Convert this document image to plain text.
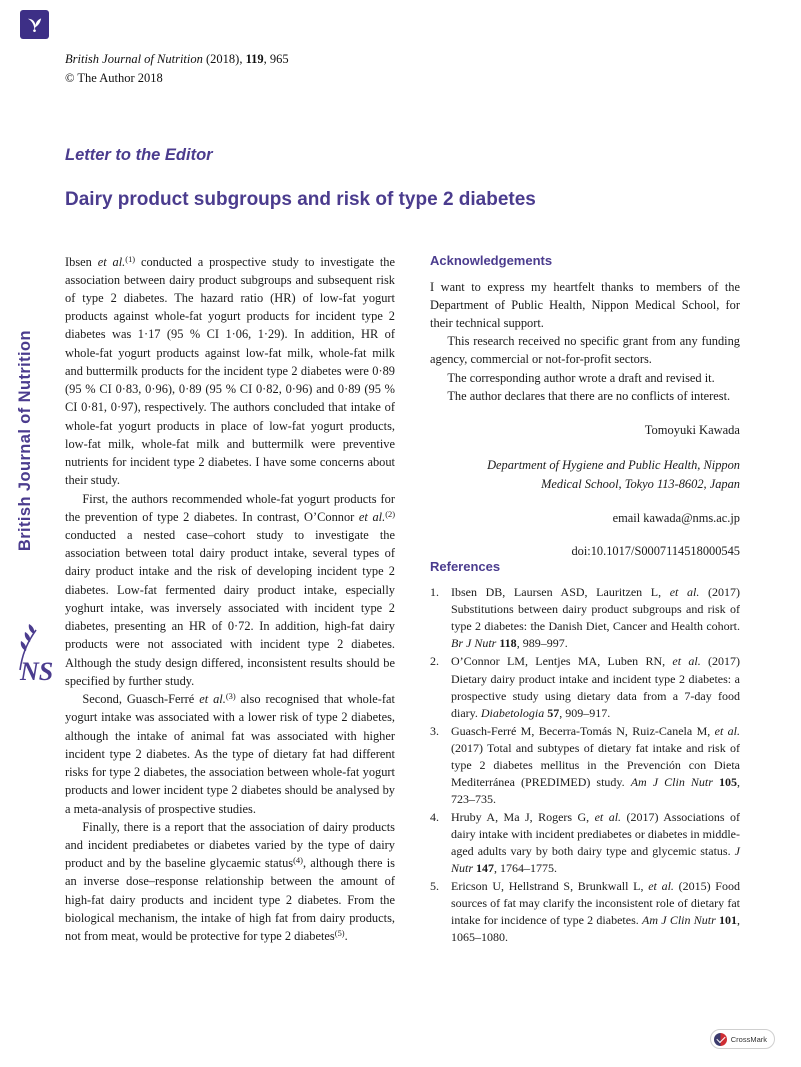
British Journal of Nutrition
NS
British Journal of Nutrition (2018), 119, 965
© The Author 2018
Letter to the Editor
Dairy product subgroups and risk of type 2 diabetes

Ibsen et al.$^{(1)}$ conducted a prospective study to investigate the association between dairy product subgroups and subsequent risk of type 2 diabetes. The hazard ratio (HR) of low-fat yogurt products against whole-fat yogurt products for incident type 2 diabetes was 1·17 (95 % CI 1·06, 1·29). In addition, HR of whole-fat yogurt products against low-fat milk, whole-fat milk and buttermilk products for the incident type 2 diabetes were 0·89 (95 % CI 0·83, 0·96), 0·89 (95 % CI 0·82, 0·96) and 0·89 (95 % CI 0·81, 0·97), respectively. The authors concluded that intake of whole-fat yogurt products in place of low-fat yogurt products, low-fat milk, whole-fat milk and buttermilk were preventive nutrients for incident type 2 diabetes. I have some concerns about their study.

First, the authors recommended whole-fat yogurt products for the prevention of type 2 diabetes. In contrast, O’Connor et al.$^{(2)}$ conducted a nested case–cohort study to investigate the association between total dairy product intake, several types of dairy product intake and the risk of developing incident type 2 diabetes. Low-fat fermented dairy product intake, especially yoghurt intake, was inversely associated with incident type 2 diabetes, presenting an HR of 0·72. In addition, high-fat dairy products were not associated with incident type 2 diabetes. Although the study design differed, inconsistent results should be specified by further study.

Second, Guasch-Ferré et al.$^{(3)}$ also recognised that whole-fat yogurt intake was associated with a lower risk of type 2 diabetes, although the intake of animal fat was associated with higher incident type 2 diabetes. As the type of dietary fat had different risks for type 2 diabetes, the association between whole-fat yogurt products and lower incident type 2 diabetes should be analysed by a meta-analysis of prospective studies.

Finally, there is a report that the association of dairy products and incident prediabetes or diabetes varied by the type of dairy product and by the baseline glycaemic status$^{(4)}$, although there is an inverse dose–response relationship between the amount of high-fat dairy products and incident type 2 diabetes. From the biological mechanism, the intake of high fat from dairy products, not from meat, would be protective for type 2 diabetes$^{(5)}$.

Acknowledgements

I want to express my heartfelt thanks to members of the Department of Public Health, Nippon Medical School, for their technical support.

This research received no specific grant from any funding agency, commercial or not-for-profit sectors.

The corresponding author wrote a draft and revised it.

The author declares that there are no conflicts of interest.

Tomoyuki Kawada

Department of Hygiene and Public Health, Nippon
Medical School, Tokyo 113-8602, Japan

email kawada@nms.ac.jp

doi:10.1017/S0007114518000545

References
1.	Ibsen DB, Laursen ASD, Lauritzen L, et al. (2017) Substitutions between dairy product subgroups and risk of type 2 diabetes: the Danish Diet, Cancer and Health cohort. Br J Nutr 118, 989–997.
2.	O’Connor LM, Lentjes MA, Luben RN, et al. (2017) Dietary dairy product intake and incident type 2 diabetes: a prospective study using dietary data from a 7-day food diary. Diabetologia 57, 909–917.
3.	Guasch-Ferré M, Becerra-Tomás N, Ruiz-Canela M, et al. (2017) Total and subtypes of dietary fat intake and risk of type 2 diabetes mellitus in the Prevención con Dieta Mediterránea (PREDIMED) study. Am J Clin Nutr 105, 723–735.
4.	Hruby A, Ma J, Rogers G, et al. (2017) Associations of dairy intake with incident prediabetes or diabetes in middle-aged adults vary by both dairy type and glycemic status. J Nutr 147, 1764–1775.
5.	Ericson U, Hellstrand S, Brunkwall L, et al. (2015) Food sources of fat may clarify the inconsistent role of dietary fat intake for incidence of type 2 diabetes. Am J Clin Nutr 101, 1065–1080.
CrossMark
